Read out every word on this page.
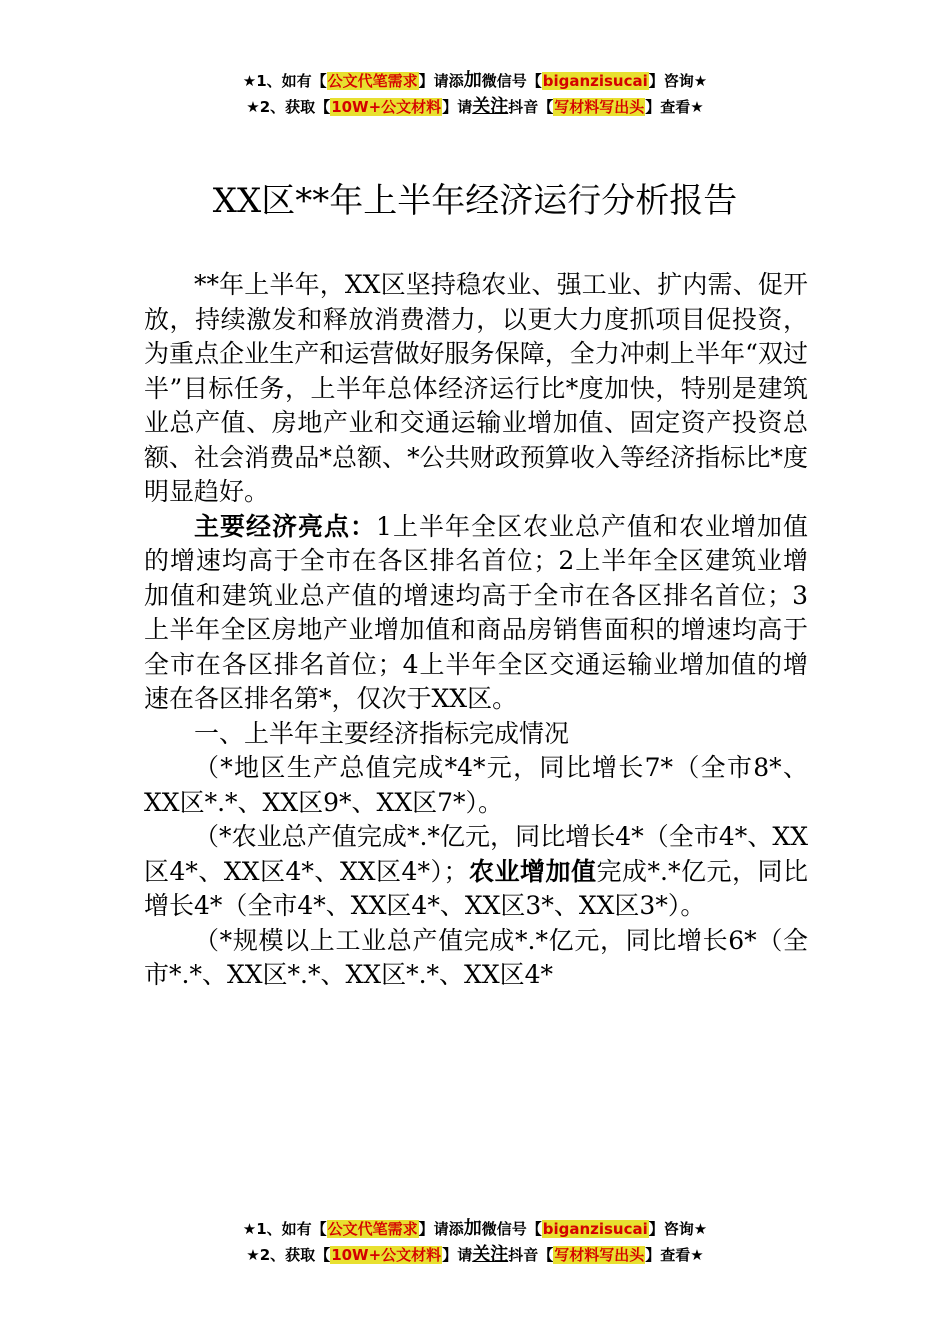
★1、如有【公文代笔需求】请添加微信号【biganzisucai】咨询★
★2、获取【10W+公文材料】请关注抖音【写材料写出头】查看★
XX区**年上半年经济运行分析报告

**年上半年，XX区坚持稳农业、强工业、扩内需、促开放，持续激发和释放消费潜力，以更大力度抓项目促投资，为重点企业生产和运营做好服务保障，全力冲刺上半年“双过半”目标任务，上半年总体经济运行比*度加快，特别是建筑业总产值、房地产业和交通运输业增加值、固定资产投资总额、社会消费品*总额、*公共财政预算收入等经济指标比*度明显趋好。

主要经济亮点：1上半年全区农业总产值和农业增加值的增速均高于全市在各区排名首位；2上半年全区建筑业增加值和建筑业总产值的增速均高于全市在各区排名首位；3上半年全区房地产业增加值和商品房销售面积的增速均高于全市在各区排名首位；4上半年全区交通运输业增加值的增速在各区排名第*，仅次于XX区。

一、上半年主要经济指标完成情况

（*地区生产总值完成*4*元，同比增长7*（全市8*、XX区*.*、XX区9*、XX区7*）。

（*农业总产值完成*.*亿元，同比增长4*（全市4*、XX区4*、XX区4*、XX区4*）；农业增加值完成*.*亿元，同比增长4*（全市4*、XX区4*、XX区3*、XX区3*）。

（*规模以上工业总产值完成*.*亿元，同比增长6*（全市*.*、XX区*.*、XX区*.*、XX区4*

★1、如有【公文代笔需求】请添加微信号【biganzisucai】咨询★
★2、获取【10W+公文材料】请关注抖音【写材料写出头】查看★
